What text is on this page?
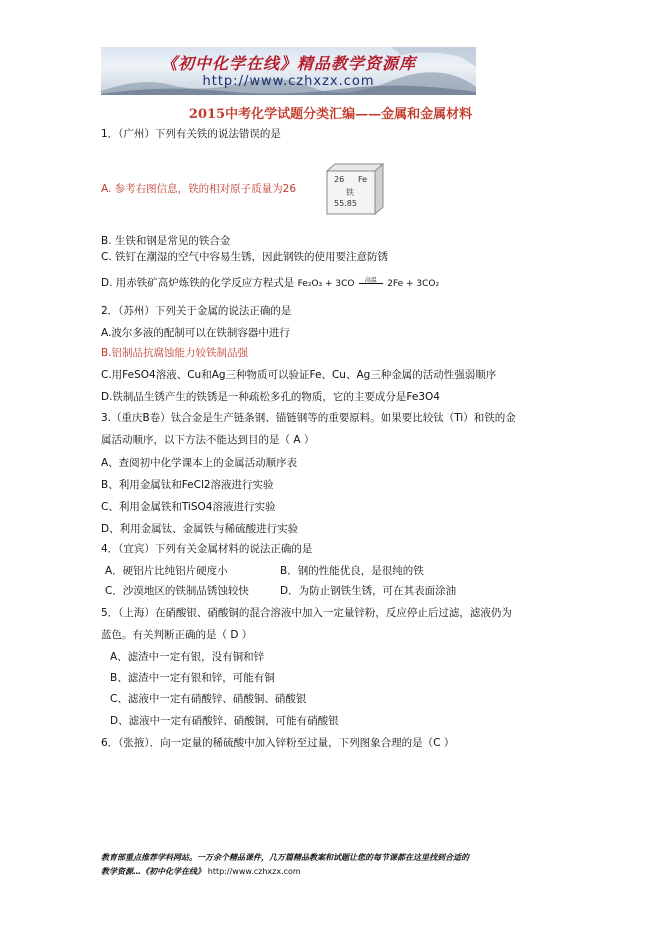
《初中化学在线》精品教学资源库
http://www.czhxzx.com
2015中考化学试题分类汇编——金属和金属材料
1．（广州）下列有关铁的说法错误的是
A. 参考右图信息，铁的相对原子质量为26
26 Fe
铁
55.85
B. 生铁和钢是常见的铁合金
C. 铁钉在潮湿的空气中容易生锈，因此钢铁的使用要注意防锈
D. 用赤铁矿高炉炼铁的化学反应方程式是 Fe₂O₃ + 3CO	高温	2Fe + 3CO₂
2．（苏州）下列关于金属的说法正确的是
A.波尔多液的配制可以在铁制容器中进行
B.铝制品抗腐蚀能力较铁制品强
C.用FeSO4溶液、Cu和Ag三种物质可以验证Fe、Cu、Ag三种金属的活动性强弱顺序
D.铁制品生锈产生的铁锈是一种疏松多孔的物质，它的主要成分是Fe3O4
3.（重庆B卷）钛合金是生产链条钢、锚链钢等的重要原料。如果要比较钛（Ti）和铁的金
属活动顺序，以下方法不能达到目的是（ A ）
A、查阅初中化学课本上的金属活动顺序表
B、利用金属钛和FeCl2溶液进行实验
C、利用金属铁和TiSO4溶液进行实验
D、利用金属钛、金属铁与稀硫酸进行实验
4．（宜宾）下列有关金属材料的说法正确的是
A．硬铝片比纯铝片硬度小	B．钢的性能优良，是很纯的铁
C．沙漠地区的铁制品锈蚀较快	D．为防止钢铁生锈，可在其表面涂油
5．（上海）在硝酸银、硝酸铜的混合溶液中加入一定量锌粉，反应停止后过滤，滤液仍为
蓝色。有关判断正确的是（ D ）
A、滤渣中一定有银，没有铜和锌
B、滤渣中一定有银和锌，可能有铜
C、滤液中一定有硝酸锌、硝酸铜、硝酸银
D、滤液中一定有硝酸锌、硝酸铜，可能有硝酸银
6．（张掖）．向一定量的稀硫酸中加入锌粉至过量，下列图象合理的是（C ）
教育部重点推荐学科网站。一万余个精品课件，几万篇精品教案和试题让您的每节课都在这里找到合适的
教学资源…《初中化学在线》 http://www.czhxzx.com
